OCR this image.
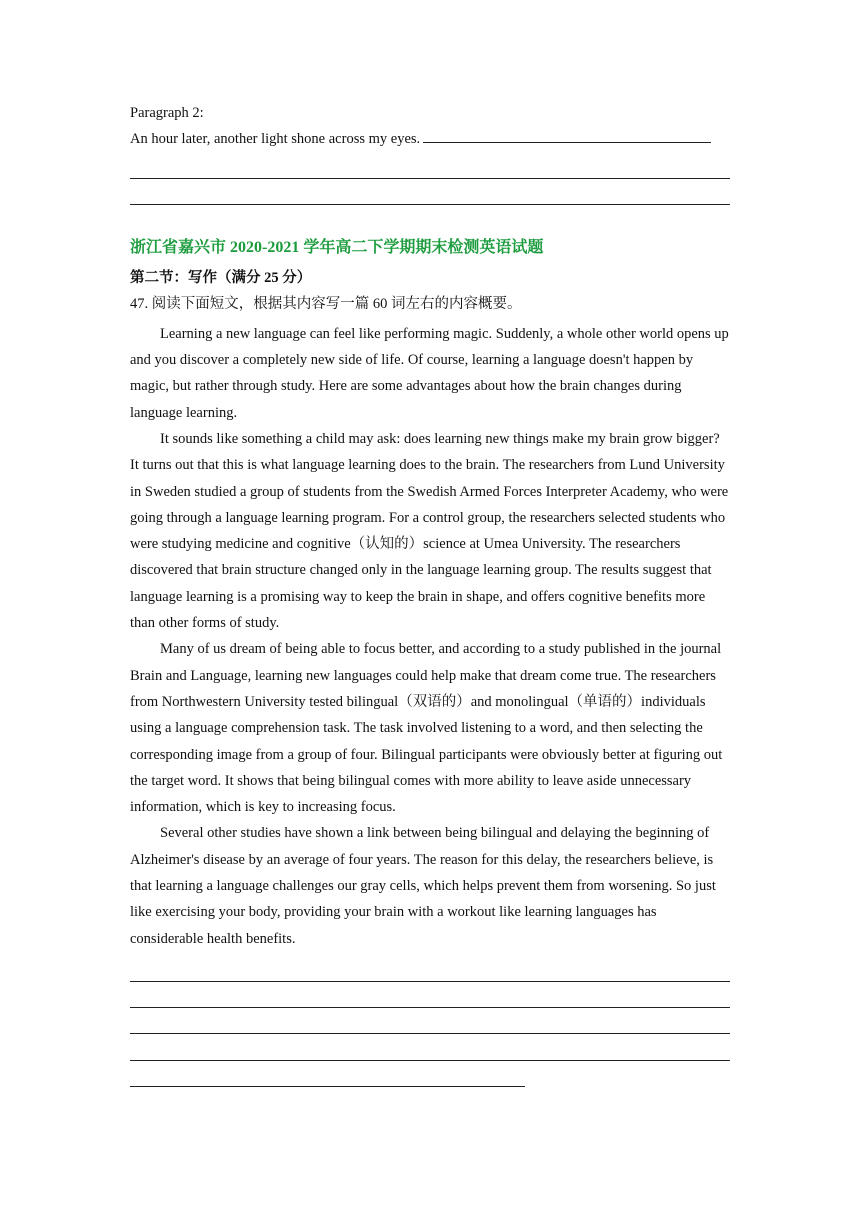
Paragraph 2:
An hour later, another light shone across my eyes.
浙江省嘉兴市 2020-2021 学年高二下学期期末检测英语试题
第二节：写作（满分 25 分）
47. 阅读下面短文，根据其内容写一篇 60 词左右的内容概要。

Learning a new language can feel like performing magic. Suddenly, a whole other world opens up and you discover a completely new side of life. Of course, learning a language doesn't happen by magic, but rather through study. Here are some advantages about how the brain changes during language learning.

It sounds like something a child may ask: does learning new things make my brain grow bigger? It turns out that this is what language learning does to the brain. The researchers from Lund University in Sweden studied a group of students from the Swedish Armed Forces Interpreter Academy, who were going through a language learning program. For a control group, the researchers selected students who were studying medicine and cognitive（认知的）science at Umea University. The researchers discovered that brain structure changed only in the language learning group. The results suggest that language learning is a promising way to keep the brain in shape, and offers cognitive benefits more than other forms of study.

Many of us dream of being able to focus better, and according to a study published in the journal Brain and Language, learning new languages could help make that dream come true. The researchers from Northwestern University tested bilingual（双语的）and monolingual（单语的）individuals using a language comprehension task. The task involved listening to a word, and then selecting the corresponding image from a group of four. Bilingual participants were obviously better at figuring out the target word. It shows that being bilingual comes with more ability to leave aside unnecessary information, which is key to increasing focus.

Several other studies have shown a link between being bilingual and delaying the beginning of Alzheimer's disease by an average of four years. The reason for this delay, the researchers believe, is that learning a language challenges our gray cells, which helps prevent them from worsening. So just like exercising your body, providing your brain with a workout like learning languages has considerable health benefits.
